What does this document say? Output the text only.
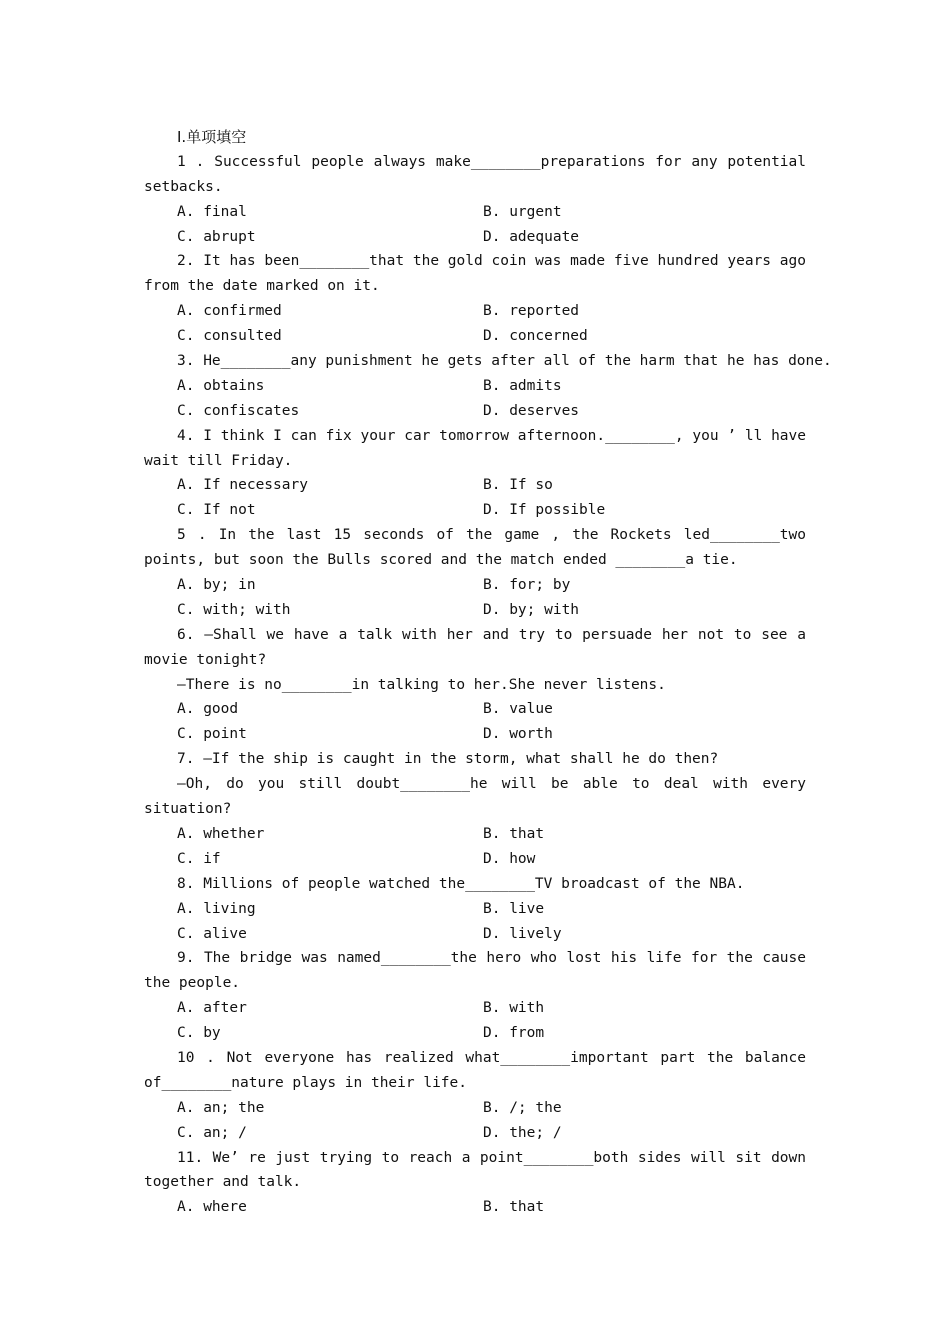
Ⅰ.单项填空
1 . Successful people always make________preparations for any potential
setbacks.
A. final	B. urgent
C. abrupt	D. adequate
2. It has been________that the gold coin was made five hundred years ago
from the date marked on it.
A. confirmed	B. reported
C. consulted	D. concerned
3. He________any punishment he gets after all of the harm that he has done.
A. obtains	B. admits
C. confiscates	D. deserves
4. I think I can fix your car tomorrow afternoon.________, you ’ ll have
wait till Friday.
A. If necessary	B. If so
C. If not	D. If possible
5 . In the last 15 seconds of the game , the Rockets led________two
points, but soon the Bulls scored and the match ended ________a tie.
A. by; in	B. for; by
C. with; with	D. by; with
6. —Shall we have a talk with her and try to persuade her not to see a
movie tonight?
—There is no________in talking to her.She never listens.
A. good	B. value
C. point	D. worth
7. —If the ship is caught in the storm, what shall he do then?
—Oh, do you still doubt________he will be able to deal with every
situation?
A. whether	B. that
C. if	D. how
8. Millions of people watched the________TV broadcast of the NBA.
A. living	B. live
C. alive	D. lively
9. The bridge was named________the hero who lost his life for the cause
the people.
A. after	B. with
C. by	D. from
10 . Not everyone has realized what________important part the balance
of________nature plays in their life.
A. an; the	B. /; the
C. an; /	D. the; /
11. We’ re just trying to reach a point________both sides will sit down
together and talk.
A. where	B. that
